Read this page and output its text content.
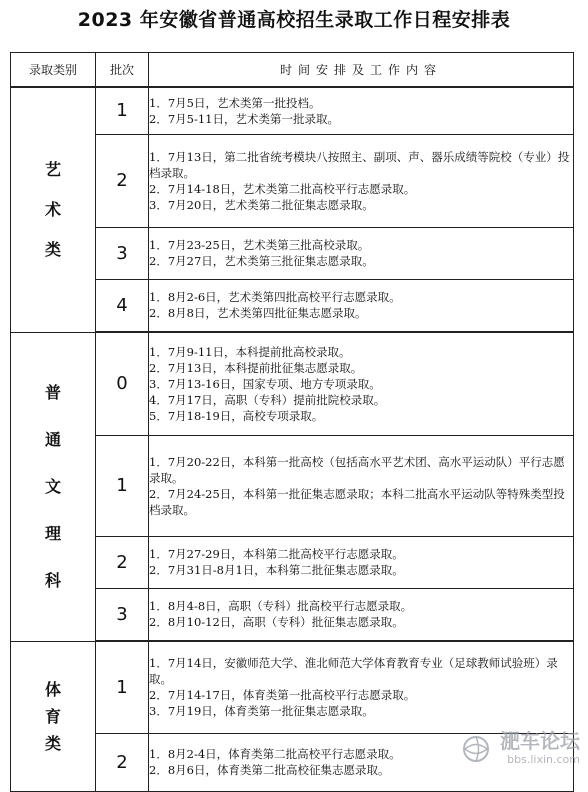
2023 年安徽省普通高校招生录取工作日程安排表
录取类别	批次	时间安排及工作内容
艺术类	1	1．7月5日，艺术类第一批投档。
2．7月5-11日，艺术类第一批录取。

	2	1．7月13日，第二批省统考模块八按照主、副项、声、器乐成绩等院校（专业）投档录取。
2．7月14-18日，艺术类第二批高校平行志愿录取。
3．7月20日，艺术类第二批征集志愿录取。

	3	1．7月23-25日，艺术类第三批高校录取。
2．7月27日，艺术类第三批征集志愿录取。

	4	1．8月2-6日，艺术类第四批高校平行志愿录取。
2．8月8日，艺术类第四批征集志愿录取。

普通文理科	0	1．7月9-11日，本科提前批高校录取。
2．7月13日，本科提前批征集志愿录取。
3．7月13-16日，国家专项、地方专项录取。
4．7月17日，高职（专科）提前批院校录取。
5．7月18-19日，高校专项录取。

	1	1．7月20-22日，本科第一批高校（包括高水平艺术团、高水平运动队）平行志愿录取。
2．7月24-25日，本科第一批征集志愿录取；本科二批高水平运动队等特殊类型投档录取。

	2	1．7月27-29日，本科第二批高校平行志愿录取。
2．7月31日-8月1日，本科第二批征集志愿录取。

	3	1．8月4-8日，高职（专科）批高校平行志愿录取。
2．8月10-12日，高职（专科）批征集志愿录取。

体育类	1	1．7月14日，安徽师范大学、淮北师范大学体育教育专业（足球教师试验班）录取。
2．7月14-17日，体育类第一批高校平行志愿录取。
3．7月19日，体育类第一批征集志愿录取。

	2	1．8月2-4日，体育类第二批高校平行志愿录取。
2．8月6日，体育类第二批高校征集志愿录取。

淝车论坛
bbs.lixin.com
